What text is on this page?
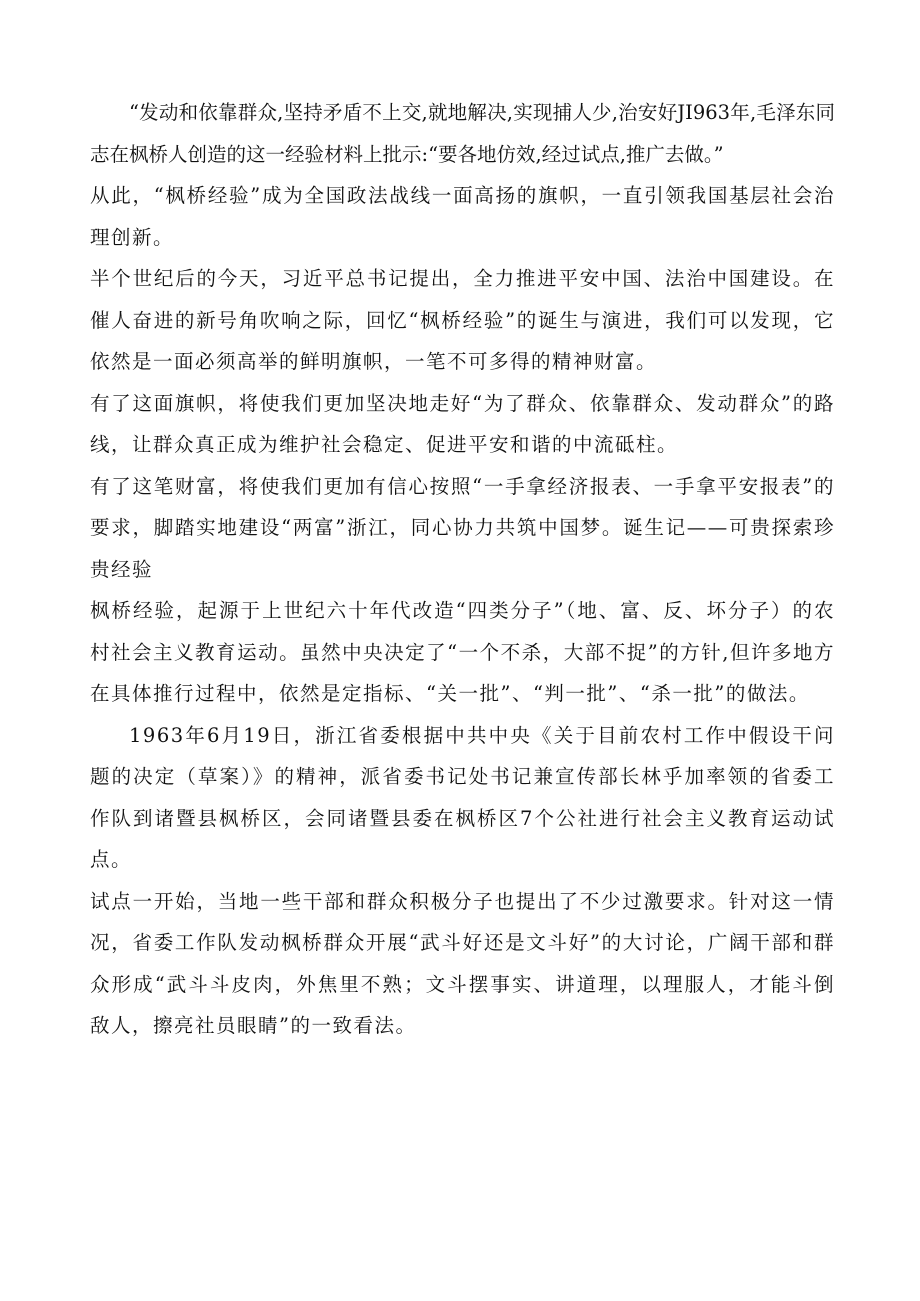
“发动和依靠群众,坚持矛盾不上交,就地解决,实现捕人少,治安好JI963年,毛泽东同志在枫桥人创造的这一经验材料上批示:“要各地仿效,经过试点,推广去做。”

从此，“枫桥经验”成为全国政法战线一面高扬的旗帜，一直引领我国基层社会治理创新。

半个世纪后的今天，习近平总书记提出，全力推进平安中国、法治中国建设。在催人奋进的新号角吹响之际，回忆“枫桥经验”的诞生与演进，我们可以发现，它依然是一面必须高举的鲜明旗帜，一笔不可多得的精神财富。

有了这面旗帜，将使我们更加坚决地走好“为了群众、依靠群众、发动群众”的路线，让群众真正成为维护社会稳定、促进平安和谐的中流砥柱。

有了这笔财富，将使我们更加有信心按照“一手拿经济报表、一手拿平安报表”的要求，脚踏实地建设“两富”浙江，同心协力共筑中国梦。诞生记——可贵探索珍贵经验

枫桥经验，起源于上世纪六十年代改造“四类分子”（地、富、反、坏分子）的农村社会主义教育运动。虽然中央决定了“一个不杀，大部不捉”的方针,但许多地方在具体推行过程中，依然是定指标、“关一批”、“判一批”、“杀一批”的做法。

1963年6月19日，浙江省委根据中共中央《关于目前农村工作中假设干问题的决定（草案）》的精神，派省委书记处书记兼宣传部长林乎加率领的省委工作队到诸暨县枫桥区，会同诸暨县委在枫桥区7个公社进行社会主义教育运动试点。

试点一开始，当地一些干部和群众积极分子也提出了不少过激要求。针对这一情况，省委工作队发动枫桥群众开展“武斗好还是文斗好”的大讨论，广阔干部和群众形成“武斗斗皮肉，外焦里不熟；文斗摆事实、讲道理，以理服人，才能斗倒敌人，擦亮社员眼睛”的一致看法。
